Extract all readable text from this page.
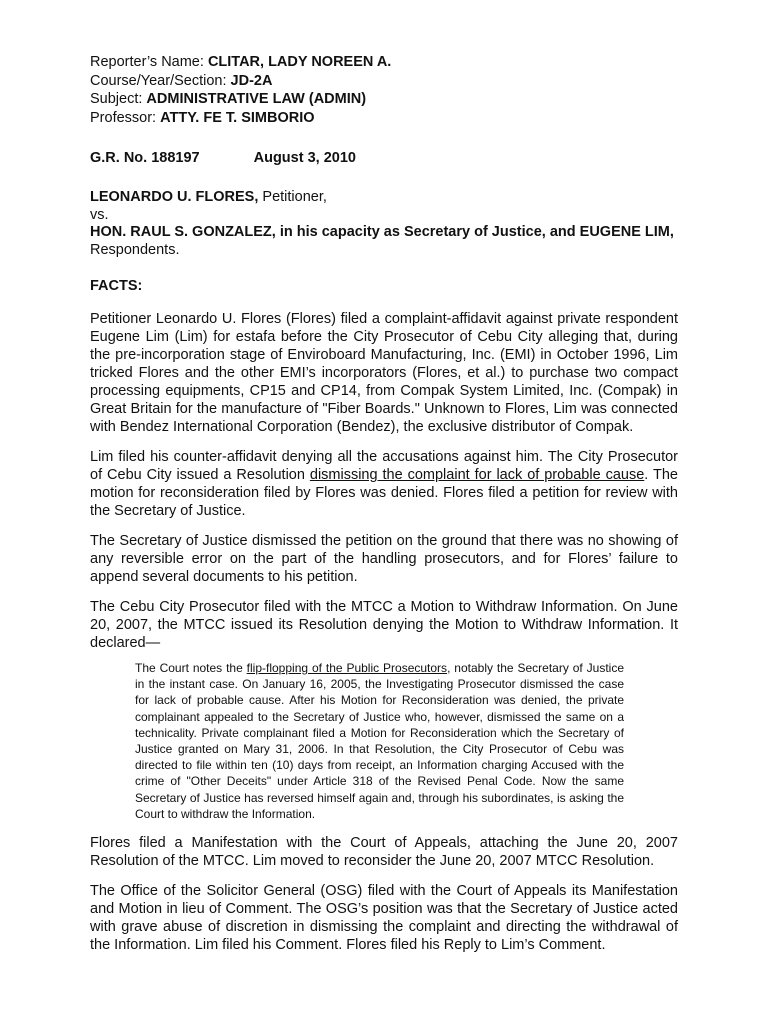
Reporter’s Name: CLITAR, LADY NOREEN A.

Course/Year/Section: JD-2A

Subject: ADMINISTRATIVE LAW (ADMIN)

Professor: ATTY. FE T. SIMBORIO

G.R. No. 188197	August 3, 2010

LEONARDO U. FLORES, Petitioner,

vs.

HON. RAUL S. GONZALEZ, in his capacity as Secretary of Justice, and EUGENE LIM, Respondents.

FACTS:

Petitioner Leonardo U. Flores (Flores) filed a complaint-affidavit against private respondent Eugene Lim (Lim) for estafa before the City Prosecutor of Cebu City alleging that, during the pre-incorporation stage of Enviroboard Manufacturing, Inc. (EMI) in October 1996, Lim tricked Flores and the other EMI’s incorporators (Flores, et al.) to purchase two compact processing equipments, CP15 and CP14, from Compak System Limited, Inc. (Compak) in Great Britain for the manufacture of "Fiber Boards." Unknown to Flores, Lim was connected with Bendez International Corporation (Bendez), the exclusive distributor of Compak.

Lim filed his counter-affidavit denying all the accusations against him. The City Prosecutor of Cebu City issued a Resolution dismissing the complaint for lack of probable cause. The motion for reconsideration filed by Flores was denied. Flores filed a petition for review with the Secretary of Justice.

The Secretary of Justice dismissed the petition on the ground that there was no showing of any reversible error on the part of the handling prosecutors, and for Flores’ failure to append several documents to his petition.

The Cebu City Prosecutor filed with the MTCC a Motion to Withdraw Information. On June 20, 2007, the MTCC issued its Resolution denying the Motion to Withdraw Information. It declared—

The Court notes the flip-flopping of the Public Prosecutors, notably the Secretary of Justice in the instant case. On January 16, 2005, the Investigating Prosecutor dismissed the case for lack of probable cause. After his Motion for Reconsideration was denied, the private complainant appealed to the Secretary of Justice who, however, dismissed the same on a technicality. Private complainant filed a Motion for Reconsideration which the Secretary of Justice granted on Mary 31, 2006. In that Resolution, the City Prosecutor of Cebu was directed to file within ten (10) days from receipt, an Information charging Accused with the crime of "Other Deceits" under Article 318 of the Revised Penal Code. Now the same Secretary of Justice has reversed himself again and, through his subordinates, is asking the Court to withdraw the Information.

Flores filed a Manifestation with the Court of Appeals, attaching the June 20, 2007 Resolution of the MTCC. Lim moved to reconsider the June 20, 2007 MTCC Resolution.

The Office of the Solicitor General (OSG) filed with the Court of Appeals its Manifestation and Motion in lieu of Comment. The OSG’s position was that the Secretary of Justice acted with grave abuse of discretion in dismissing the complaint and directing the withdrawal of the Information. Lim filed his Comment. Flores filed his Reply to Lim’s Comment.
